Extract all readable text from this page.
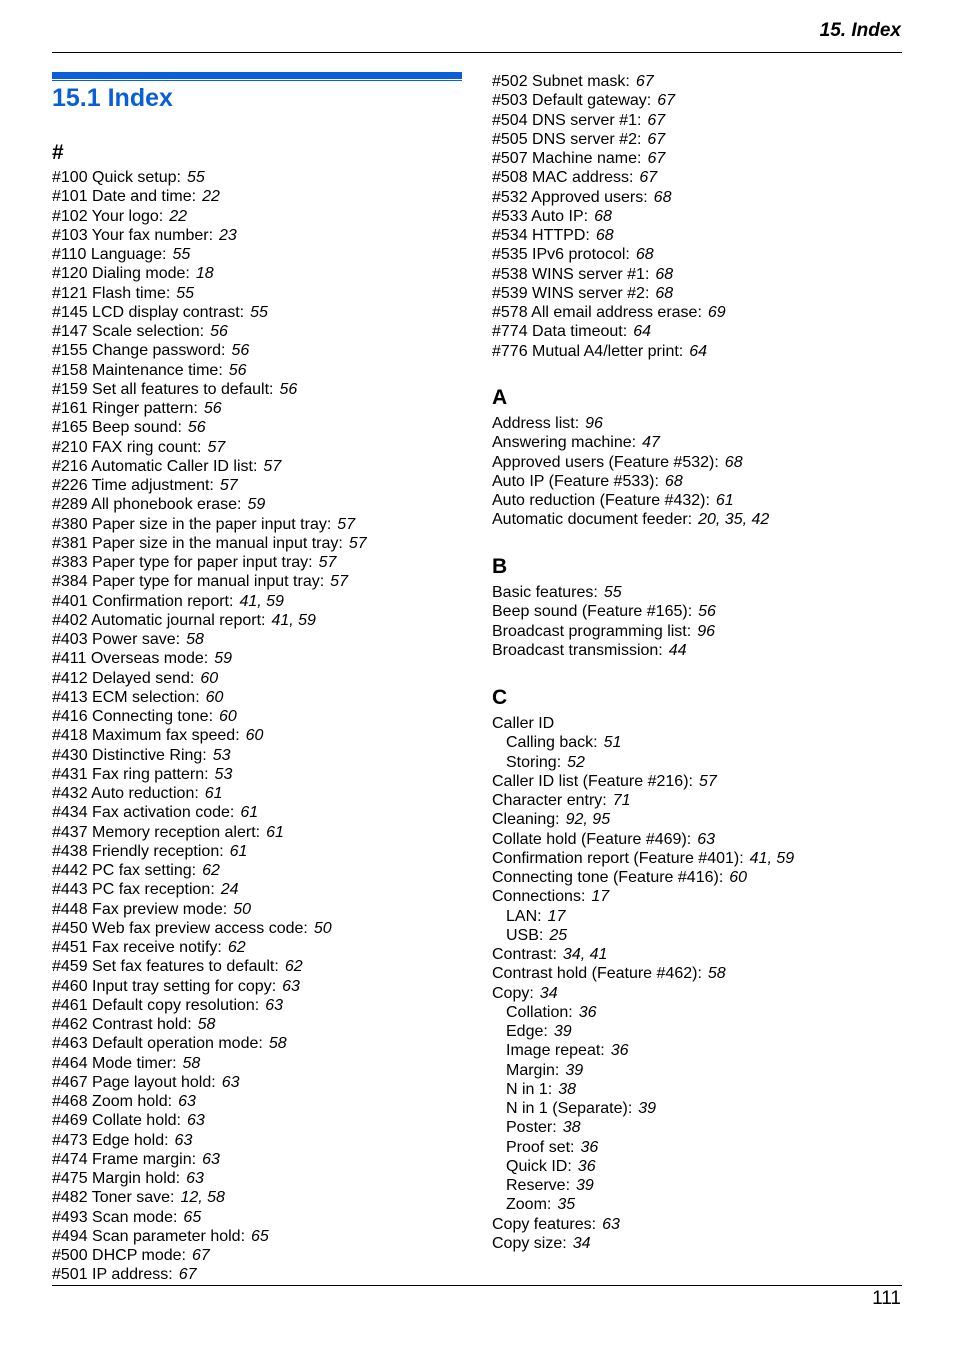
15. Index
15.1 Index
#
#100 Quick setup: 55
#101 Date and time: 22
#102 Your logo: 22
#103 Your fax number: 23
#110 Language: 55
#120 Dialing mode: 18
#121 Flash time: 55
#145 LCD display contrast: 55
#147 Scale selection: 56
#155 Change password: 56
#158 Maintenance time: 56
#159 Set all features to default: 56
#161 Ringer pattern: 56
#165 Beep sound: 56
#210 FAX ring count: 57
#216 Automatic Caller ID list: 57
#226 Time adjustment: 57
#289 All phonebook erase: 59
#380 Paper size in the paper input tray: 57
#381 Paper size in the manual input tray: 57
#383 Paper type for paper input tray: 57
#384 Paper type for manual input tray: 57
#401 Confirmation report: 41, 59
#402 Automatic journal report: 41, 59
#403 Power save: 58
#411 Overseas mode: 59
#412 Delayed send: 60
#413 ECM selection: 60
#416 Connecting tone: 60
#418 Maximum fax speed: 60
#430 Distinctive Ring: 53
#431 Fax ring pattern: 53
#432 Auto reduction: 61
#434 Fax activation code: 61
#437 Memory reception alert: 61
#438 Friendly reception: 61
#442 PC fax setting: 62
#443 PC fax reception: 24
#448 Fax preview mode: 50
#450 Web fax preview access code: 50
#451 Fax receive notify: 62
#459 Set fax features to default: 62
#460 Input tray setting for copy: 63
#461 Default copy resolution: 63
#462 Contrast hold: 58
#463 Default operation mode: 58
#464 Mode timer: 58
#467 Page layout hold: 63
#468 Zoom hold: 63
#469 Collate hold: 63
#473 Edge hold: 63
#474 Frame margin: 63
#475 Margin hold: 63
#482 Toner save: 12, 58
#493 Scan mode: 65
#494 Scan parameter hold: 65
#500 DHCP mode: 67
#501 IP address: 67
#502 Subnet mask: 67
#503 Default gateway: 67
#504 DNS server #1: 67
#505 DNS server #2: 67
#507 Machine name: 67
#508 MAC address: 67
#532 Approved users: 68
#533 Auto IP: 68
#534 HTTPD: 68
#535 IPv6 protocol: 68
#538 WINS server #1: 68
#539 WINS server #2: 68
#578 All email address erase: 69
#774 Data timeout: 64
#776 Mutual A4/letter print: 64
A
Address list: 96
Answering machine: 47
Approved users (Feature #532): 68
Auto IP (Feature #533): 68
Auto reduction (Feature #432): 61
Automatic document feeder: 20, 35, 42
B
Basic features: 55
Beep sound (Feature #165): 56
Broadcast programming list: 96
Broadcast transmission: 44
C
Caller ID
Calling back: 51
Storing: 52
Caller ID list (Feature #216): 57
Character entry: 71
Cleaning: 92, 95
Collate hold (Feature #469): 63
Confirmation report (Feature #401): 41, 59
Connecting tone (Feature #416): 60
Connections: 17
LAN: 17
USB: 25
Contrast: 34, 41
Contrast hold (Feature #462): 58
Copy: 34
Collation: 36
Edge: 39
Image repeat: 36
Margin: 39
N in 1: 38
N in 1 (Separate): 39
Poster: 38
Proof set: 36
Quick ID: 36
Reserve: 39
Zoom: 35
Copy features: 63
Copy size: 34
111
